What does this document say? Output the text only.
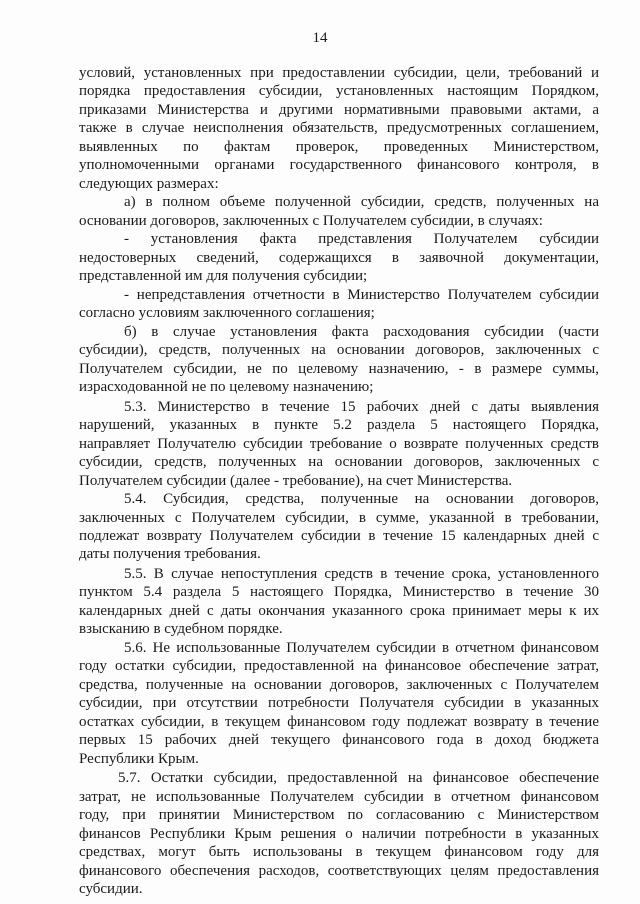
14
условий, установленных при предоставлении субсидии, цели, требований и
порядка предоставления субсидии, установленных настоящим Порядком,
приказами Министерства и другими нормативными правовыми актами, а
также в случае неисполнения обязательств, предусмотренных соглашением,
выявленных по фактам проверок, проведенных Министерством,
уполномоченными органами государственного финансового контроля, в
следующих размерах:
а) в полном объеме полученной субсидии, средств, полученных на
основании договоров, заключенных с Получателем субсидии, в случаях:
- установления факта представления Получателем субсидии
недостоверных сведений, содержащихся в заявочной документации,
представленной им для получения субсидии;
- непредставления отчетности в Министерство Получателем субсидии
согласно условиям заключенного соглашения;
б) в случае установления факта расходования субсидии (части
субсидии), средств, полученных на основании договоров, заключенных с
Получателем субсидии, не по целевому назначению, - в размере суммы,
израсходованной не по целевому назначению;
5.3. Министерство в течение 15 рабочих дней с даты выявления
нарушений, указанных в пункте 5.2 раздела 5 настоящего Порядка,
направляет Получателю субсидии требование о возврате полученных средств
субсидии, средств, полученных на основании договоров, заключенных с
Получателем субсидии (далее - требование), на счет Министерства.
5.4. Субсидия, средства, полученные на основании договоров,
заключенных с Получателем субсидии, в сумме, указанной в требовании,
подлежат возврату Получателем субсидии в течение 15 календарных дней с
даты получения требования.
5.5. В случае непоступления средств в течение срока, установленного
пунктом 5.4 раздела 5 настоящего Порядка, Министерство в течение 30
календарных дней с даты окончания указанного срока принимает меры к их
взысканию в судебном порядке.
5.6. Не использованные Получателем субсидии в отчетном финансовом
году остатки субсидии, предоставленной на финансовое обеспечение затрат,
средства, полученные на основании договоров, заключенных с Получателем
субсидии, при отсутствии потребности Получателя субсидии в указанных
остатках субсидии, в текущем финансовом году подлежат возврату в течение
первых 15 рабочих дней текущего финансового года в доход бюджета
Республики Крым.
5.7. Остатки субсидии, предоставленной на финансовое обеспечение
затрат, не использованные Получателем субсидии в отчетном финансовом
году, при принятии Министерством по согласованию с Министерством
финансов Республики Крым решения о наличии потребности в указанных
средствах, могут быть использованы в текущем финансовом году для
финансового обеспечения расходов, соответствующих целям предоставления
субсидии.
